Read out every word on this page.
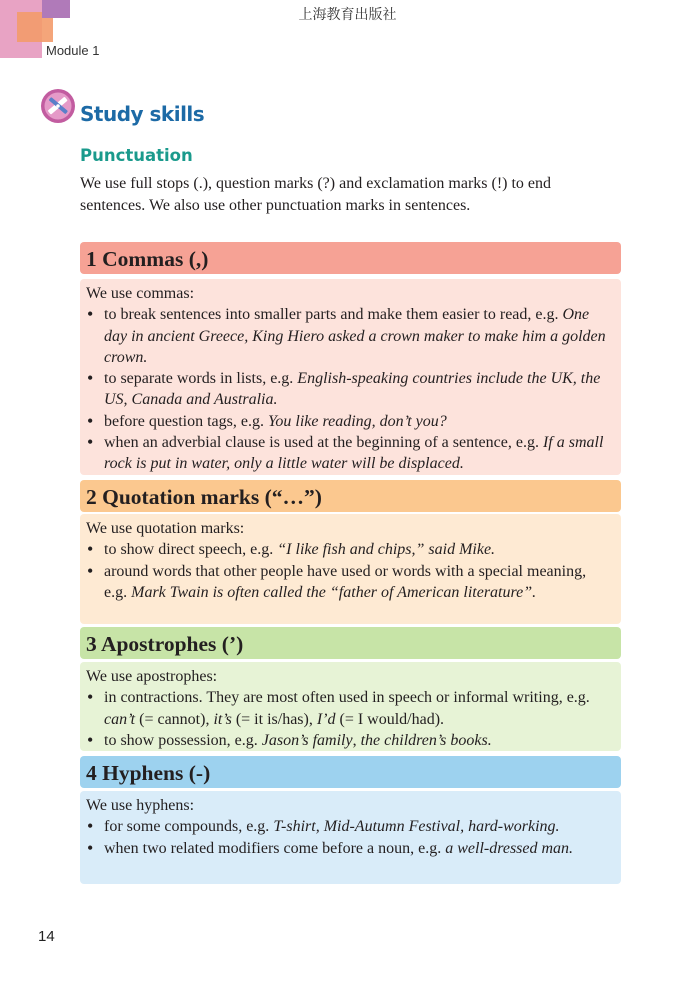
上海教育出版社
Module 1
Study skills
Punctuation
We use full stops (.), question marks (?) and exclamation marks (!) to end sentences. We also use other punctuation marks in sentences.
1 Commas (,)

We use commas:

• to break sentences into smaller parts and make them easier to read, e.g. One day in ancient Greece, King Hiero asked a crown maker to make him a golden crown.
• to separate words in lists, e.g. English-speaking countries include the UK, the US, Canada and Australia.
• before question tags, e.g. You like reading, don’t you?
• when an adverbial clause is used at the beginning of a sentence, e.g. If a small rock is put in water, only a little water will be displaced.
2 Quotation marks (“…”)

We use quotation marks:

• to show direct speech, e.g. “I like fish and chips,” said Mike.
• around words that other people have used or words with a special meaning, e.g. Mark Twain is often called the “father of American literature”.
3 Apostrophes (’)

We use apostrophes:

• in contractions. They are most often used in speech or informal writing, e.g. can’t (= cannot), it’s (= it is/has), I’d (= I would/had).
• to show possession, e.g. Jason’s family, the children’s books.
4 Hyphens (-)

We use hyphens:

• for some compounds, e.g. T-shirt, Mid-Autumn Festival, hard-working.
• when two related modifiers come before a noun, e.g. a well-dressed man.
14
